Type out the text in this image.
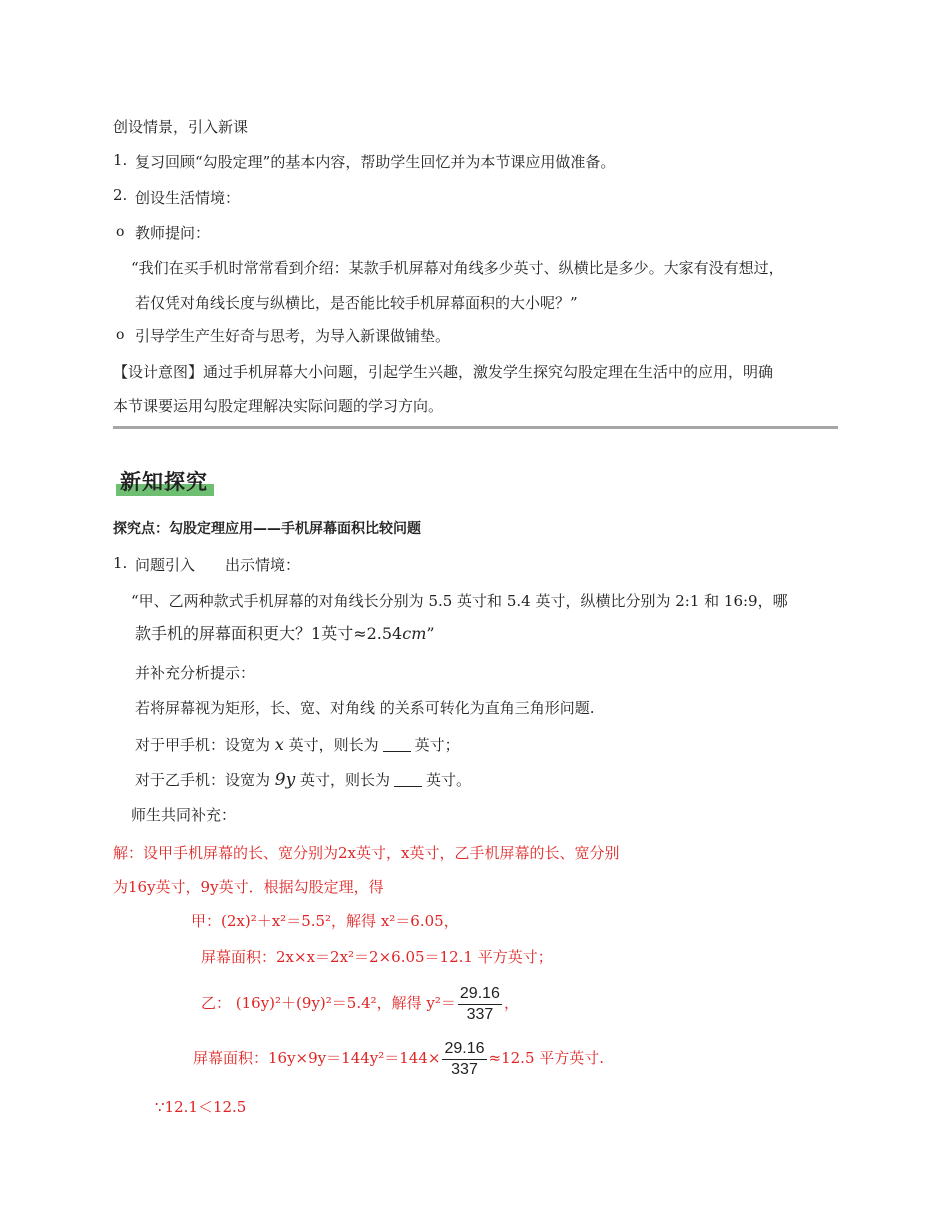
创设情景，引入新课
1. 复习回顾“勾股定理”的基本内容，帮助学生回忆并为本节课应用做准备。
2. 创设生活情境：
o 教师提问：
“我们在买手机时常常看到介绍：某款手机屏幕对角线多少英寸、纵横比是多少。大家有没有想过，
若仅凭对角线长度与纵横比，是否能比较手机屏幕面积的大小呢？”
o 引导学生产生好奇与思考，为导入新课做铺垫。
【设计意图】通过手机屏幕大小问题，引起学生兴趣，激发学生探究勾股定理在生活中的应用，明确
本节课要运用勾股定理解决实际问题的学习方向。
新知探究
探究点：勾股定理应用——手机屏幕面积比较问题
1. 问题引入　　出示情境：
“甲、乙两种款式手机屏幕的对角线长分别为 5.5 英寸和 5.4 英寸，纵横比分别为 2:1 和 16:9，哪
款手机的屏幕面积更大？1英寸≈2.54cm”
并补充分析提示：
若将屏幕视为矩形，长、宽、对角线 的关系可转化为直角三角形问题.
对于甲手机：设宽为 x 英寸，则长为 英寸；
对于乙手机：设宽为 9y 英寸，则长为 英寸。
师生共同补充：
解：设甲手机屏幕的长、宽分别为2x英寸，x英寸，乙手机屏幕的长、宽分别
为16y英寸，9y英寸．根据勾股定理，得
甲：(2x)²＋x²＝5.5²，解得 x²＝6.05，
屏幕面积：2x×x＝2x²＝2×6.05＝12.1 平方英寸；
乙： (16y)²＋(9y)²＝5.4²，解得 $y^2= \frac{29.16}{337}$ ，
屏幕面积：$16y\times 9y=144y^2=144\times \frac{29.16}{337} \approx 12.5$ 平方英寸.
∵12.1＜12.5
